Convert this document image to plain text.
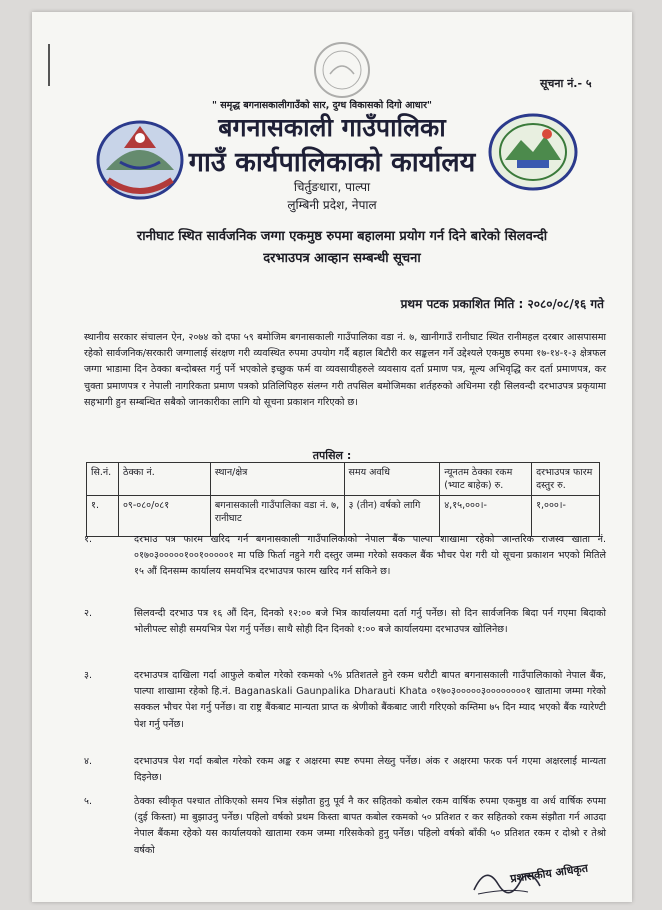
सूचना नं.- ५
" समृद्ध बगनासकालीगाउँको सार, दुग्ध विकासको दिगो आधार"
बगनासकाली गाउँपालिका
गाउँ कार्यपालिकाको कार्यालय
चिर्तुङधारा, पाल्पा
लुम्बिनी प्रदेश, नेपाल
रानीघाट स्थित सार्वजनिक जग्गा एकमुष्ठ रुपमा बहालमा प्रयोग गर्न दिने बारेको सिलवन्दी
दरभाउपत्र आव्हान सम्बन्धी सूचना
प्रथम पटक प्रकाशित मिति : २०८०/०८/१६ गते
स्थानीय सरकार संचालन ऐन, २०७४ को दफा ५९ बमोजिम बगनासकाली गाउँपालिका वडा नं. ७, खानीगाउँ रानीघाट स्थित रानीमहल दरबार आसपासमा रहेको सार्वजनिक/सरकारी जग्गालाई संरक्षण गरी व्यवस्थित रुपमा उपयोग गर्दै बहाल बिटौरी कर सङ्कलन गर्ने उद्देश्यले एकमुष्ठ रुपमा १७-१४-१-३ क्षेत्रफल जग्गा भाडामा दिन ठेक्का बन्दोबस्त गर्नु पर्ने भएकोले इच्छुक फर्म वा व्यवसायीहरुले व्यवसाय दर्ता प्रमाण पत्र, मूल्य अभिवृद्धि कर दर्ता प्रमाणपत्र, कर चुक्ता प्रमाणपत्र र नेपाली नागरिकता प्रमाण पत्रको प्रतिलिपिहरु संलग्न गरी तपसिल बमोजिमका शर्तहरुको अधिनमा रही सिलवन्दी दरभाउपत्र प्रकृयामा सहभागी हुन सम्बन्धित सबैको जानकारीका लागि यो सूचना प्रकाशन गरिएको छ।
तपसिल :
सि.नं.	ठेक्का नं.	स्थान/क्षेत्र	समय अवधि	न्यूनतम ठेक्का रकम (भ्याट बाहेक) रु.	दरभाउपत्र फारम दस्तुर रु.
१.	०९-०८०/०८१	बगनासकाली गाउँपालिका वडा नं. ७, रानीघाट	३ (तीन) वर्षको लागि	४,१५,०००।-	१,०००।-
१.	दरभाउ पत्र फारम खरिद गर्न बगनासकाली गाउँपालिकाको नेपाल बैंक पाल्पा शाखामा रहेको आन्तरिक राजस्व खाता नं. ०१७०३०००००१००१०००००१ मा पछि फिर्ता नहुने गरी दस्तुर जम्मा गरेको सक्कल बैंक भौचर पेश गरी यो सूचना प्रकाशन भएको मितिले १५ औं दिनसम्म कार्यालय समयभित्र दरभाउपत्र फारम खरिद गर्न सकिने छ।
२.	सिलवन्दी दरभाउ पत्र १६ औं दिन, दिनको १२:०० बजे भित्र कार्यालयमा दर्ता गर्नु पर्नेछ। सो दिन सार्वजनिक बिदा पर्न गएमा बिदाको भोलीपल्ट सोही समयभित्र पेश गर्नु पर्नेछ। साथै सोही दिन दिनको १:०० बजे कार्यालयमा दरभाउपत्र खोलिनेछ।
३.	दरभाउपत्र दाखिला गर्दा आफुले कबोल गरेको रकमको ५% प्रतिशतले हुने रकम धरौटी बापत बगनासकाली गाउँपालिकाको नेपाल बैंक, पाल्पा शाखामा रहेको हि.नं. Baganaskali Gaunpalika Dharauti Khata ०१७०३०००००३००००००००१ खातामा जम्मा गरेको सक्कल भौचर पेश गर्नु पर्नेछ। वा राष्ट्र बैंकबाट मान्यता प्राप्त क श्रेणीको बैंकबाट जारी गरिएको कम्तिमा ७५ दिन म्याद भएको बैंक ग्यारेण्टी पेश गर्नु पर्नेछ।
४.	दरभाउपत्र पेश गर्दा कबोल गरेको रकम अङ्क र अक्षरमा स्पष्ट रुपमा लेख्नु पर्नेछ। अंक र अक्षरमा फरक पर्न गएमा अक्षरलाई मान्यता दिइनेछ।
५.	ठेक्का स्वीकृत पश्चात तोकिएको समय भित्र संझौता हुनु पूर्व नै कर सहितको कबोल रकम वार्षिक रुपमा एकमुष्ठ वा अर्ध वार्षिक रुपमा (दुई किस्ता) मा बुझाउनु पर्नेछ। पहिलो वर्षको प्रथम किस्ता बापत कबोल रकमको ५० प्रतिशत र कर सहितको रकम संझौता गर्न आउदा नेपाल बैंकमा रहेको यस कार्यालयको खातामा रकम जम्मा गरिसकेको हुनु पर्नेछ। पहिलो वर्षको बाँकी ५० प्रतिशत रकम र दोश्रो र तेश्रो वर्षको
प्रशासकीय अधिकृत
